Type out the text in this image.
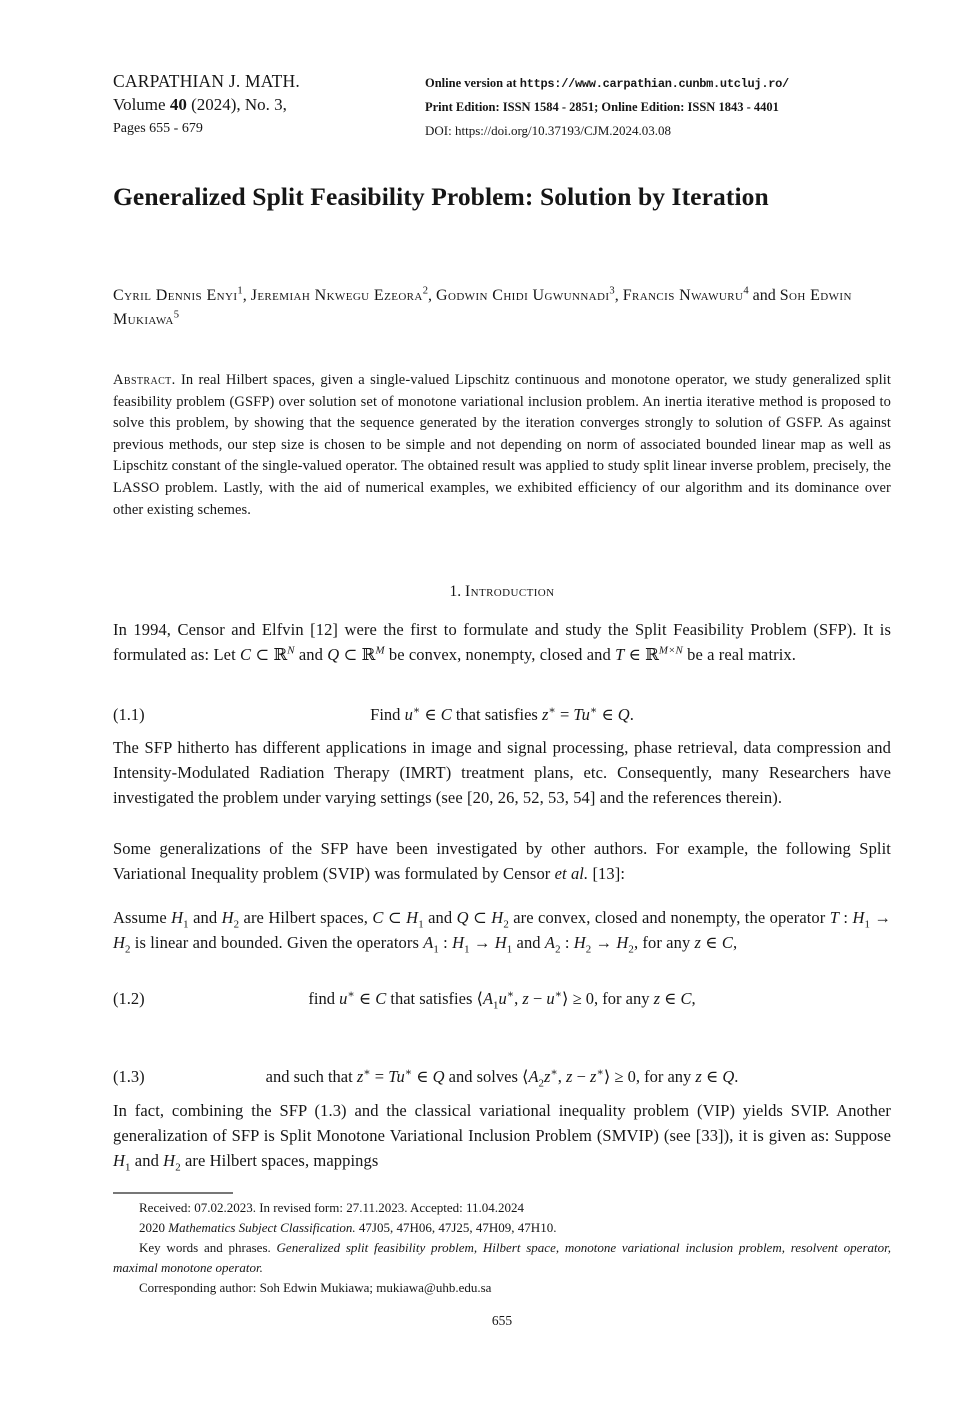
CARPATHIAN J. MATH.
Volume 40 (2024), No. 3,
Pages 655 - 679
Online version at https://www.carpathian.cunbm.utcluj.ro/
Print Edition: ISSN 1584 - 2851; Online Edition: ISSN 1843 - 4401
DOI: https://doi.org/10.37193/CJM.2024.03.08
Generalized Split Feasibility Problem: Solution by Iteration
Cyril Dennis Enyi$^1$, Jeremiah Nkwegu Ezeora$^2$, Godwin Chidi Ugwunnadi$^3$, Francis Nwawuru$^4$ and Soh Edwin Mukiawa$^5$

Abstract. In real Hilbert spaces, given a single-valued Lipschitz continuous and monotone operator, we study generalized split feasibility problem (GSFP) over solution set of monotone variational inclusion problem. An inertia iterative method is proposed to solve this problem, by showing that the sequence generated by the iteration converges strongly to solution of GSFP. As against previous methods, our step size is chosen to be simple and not depending on norm of associated bounded linear map as well as Lipschitz constant of the single-valued operator. The obtained result was applied to study split linear inverse problem, precisely, the LASSO problem. Lastly, with the aid of numerical examples, we exhibited efficiency of our algorithm and its dominance over other existing schemes.

1. Introduction

In 1994, Censor and Elfvin [12] were the first to formulate and study the Split Feasibility Problem (SFP). It is formulated as: Let C ⊂ ℝ$^N$ and Q ⊂ ℝ$^M$ be convex, nonempty, closed and T ∈ ℝ$^{M\times N}$ be a real matrix.

(1.1)	Find u∗ ∈ C that satisfies z∗ = Tu∗ ∈ Q.

The SFP hitherto has different applications in image and signal processing, phase retrieval, data compression and Intensity-Modulated Radiation Therapy (IMRT) treatment plans, etc. Consequently, many Researchers have investigated the problem under varying settings (see [20, 26, 52, 53, 54] and the references therein).

Some generalizations of the SFP have been investigated by other authors. For example, the following Split Variational Inequality problem (SVIP) was formulated by Censor et al. [13]:

Assume $H_1$ and $H_2$ are Hilbert spaces, C ⊂ $H_1$ and Q ⊂ $H_2$ are convex, closed and nonempty, the operator T : $H_1 \to H_2$ is linear and bounded. Given the operators $A_1$ : $H_1 \to H_1$ and $A_2$ : $H_2 \to H_2$, for any z ∈ C,

(1.2)	find u∗ ∈ C that satisfies $⟨A_1u^∗$, z − u∗⟩ ≥ 0, for any z ∈ C,
(1.3)	and such that z∗ = Tu∗ ∈ Q and solves $⟨A_2z^∗$, z − z∗⟩ ≥ 0, for any z ∈ Q.

In fact, combining the SFP (1.3) and the classical variational inequality problem (VIP) yields SVIP. Another generalization of SFP is Split Monotone Variational Inclusion Problem (SMVIP) (see [33]), it is given as: Suppose $H_1$ and $H_2$ are Hilbert spaces, mappings

Received: 07.02.2023. In revised form: 27.11.2023. Accepted: 11.04.2024

2020 Mathematics Subject Classification. 47J05, 47H06, 47J25, 47H09, 47H10.

Key words and phrases. Generalized split feasibility problem, Hilbert space, monotone variational inclusion problem, resolvent operator, maximal monotone operator.

Corresponding author: Soh Edwin Mukiawa; mukiawa@uhb.edu.sa

655
